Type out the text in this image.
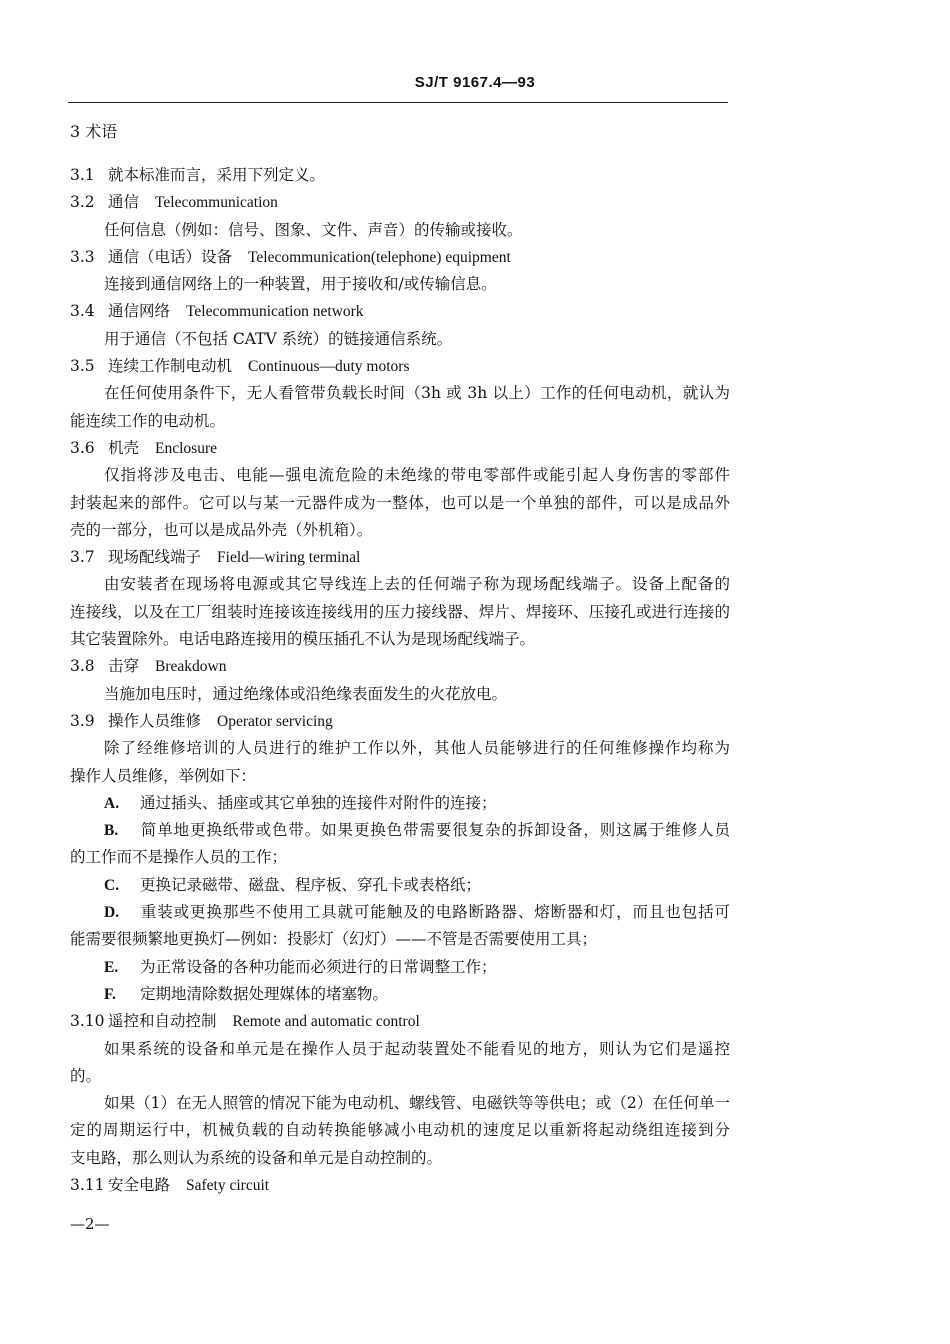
SJ/T 9167.4—93
3 术语
3.1 就本标准而言，采用下列定义。
3.2 通信 Telecommunication
任何信息（例如：信号、图象、文件、声音）的传输或接收。
3.3 通信（电话）设备 Telecommunication(telephone) equipment
连接到通信网络上的一种装置，用于接收和/或传输信息。
3.4 通信网络 Telecommunication network
用于通信（不包括 CATV 系统）的链接通信系统。
3.5 连续工作制电动机 Continuous—duty motors
在任何使用条件下，无人看管带负载长时间（3h 或 3h 以上）工作的任何电动机，就认为
能连续工作的电动机。
3.6 机壳 Enclosure
仅指将涉及电击、电能—强电流危险的未绝缘的带电零部件或能引起人身伤害的零部件
封装起来的部件。它可以与某一元器件成为一整体，也可以是一个单独的部件，可以是成品外
壳的一部分，也可以是成品外壳（外机箱）。
3.7 现场配线端子 Field—wiring terminal
由安装者在现场将电源或其它导线连上去的任何端子称为现场配线端子。设备上配备的
连接线，以及在工厂组装时连接该连接线用的压力接线器、焊片、焊接环、压接孔或进行连接的
其它装置除外。电话电路连接用的模压插孔不认为是现场配线端子。
3.8 击穿 Breakdown
当施加电压时，通过绝缘体或沿绝缘表面发生的火花放电。
3.9 操作人员维修 Operator servicing
除了经维修培训的人员进行的维护工作以外，其他人员能够进行的任何维修操作均称为
操作人员维修，举例如下：
A. 通过插头、插座或其它单独的连接件对附件的连接；
B. 简单地更换纸带或色带。如果更换色带需要很复杂的拆卸设备，则这属于维修人员
的工作而不是操作人员的工作；
C. 更换记录磁带、磁盘、程序板、穿孔卡或表格纸；
D. 重装或更换那些不使用工具就可能触及的电路断路器、熔断器和灯，而且也包括可
能需要很频繁地更换灯—例如：投影灯（幻灯）——不管是否需要使用工具；
E. 为正常设备的各种功能而必须进行的日常调整工作；
F. 定期地清除数据处理媒体的堵塞物。
3.10 遥控和自动控制 Remote and automatic control
如果系统的设备和单元是在操作人员于起动装置处不能看见的地方，则认为它们是遥控
的。
如果（1）在无人照管的情况下能为电动机、螺线管、电磁铁等等供电；或（2）在任何单一
定的周期运行中，机械负载的自动转换能够减小电动机的速度足以重新将起动绕组连接到分
支电路，那么则认为系统的设备和单元是自动控制的。
3.11 安全电路 Safety circuit
—2—
